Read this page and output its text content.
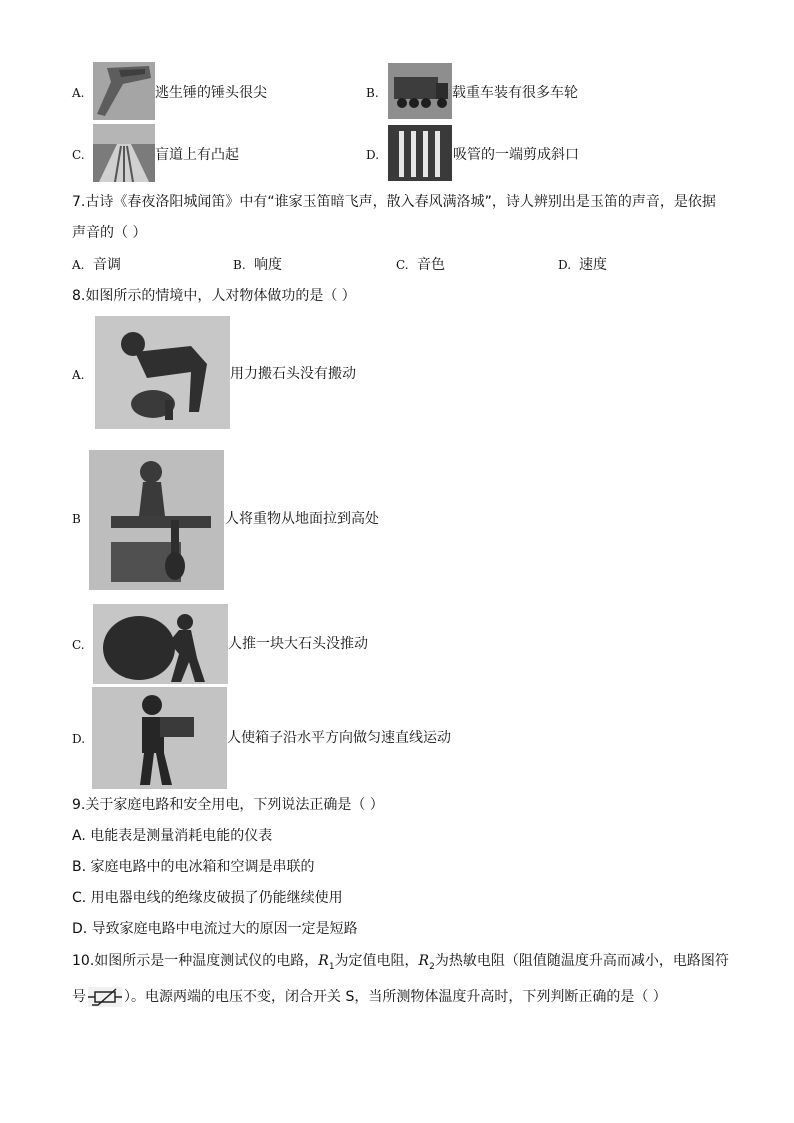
A.	逃生锤的锤头很尖	B.	载重车装有很多车轮
C.	盲道上有凸起	D.	吸管的一端剪成斜口
7.古诗《春夜洛阳城闻笛》中有“谁家玉笛暗飞声，散入春风满洛城”，诗人辨别出是玉笛的声音，是依据
声音的（ ）
A. 音调	B. 响度	C. 音色	D. 速度
8.如图所示的情境中，人对物体做功的是（ ）
A.	用力搬石头没有搬动
B	人将重物从地面拉到高处
C.	人推一块大石头没推动
D.	人使箱子沿水平方向做匀速直线运动
9.关于家庭电路和安全用电，下列说法正确是（ ）
A. 电能表是测量消耗电能的仪表
B. 家庭电路中的电冰箱和空调是串联的
C. 用电器电线的绝缘皮破损了仍能继续使用
D. 导致家庭电路中电流过大的原因一定是短路
10.如图所示是一种温度测试仪的电路，$R_1$为定值电阻，$R_2$为热敏电阻（阻值随温度升高而减小，电路图符
号	）。电源两端的电压不变，闭合开关 S，当所测物体温度升高时，下列判断正确的是（ ）
